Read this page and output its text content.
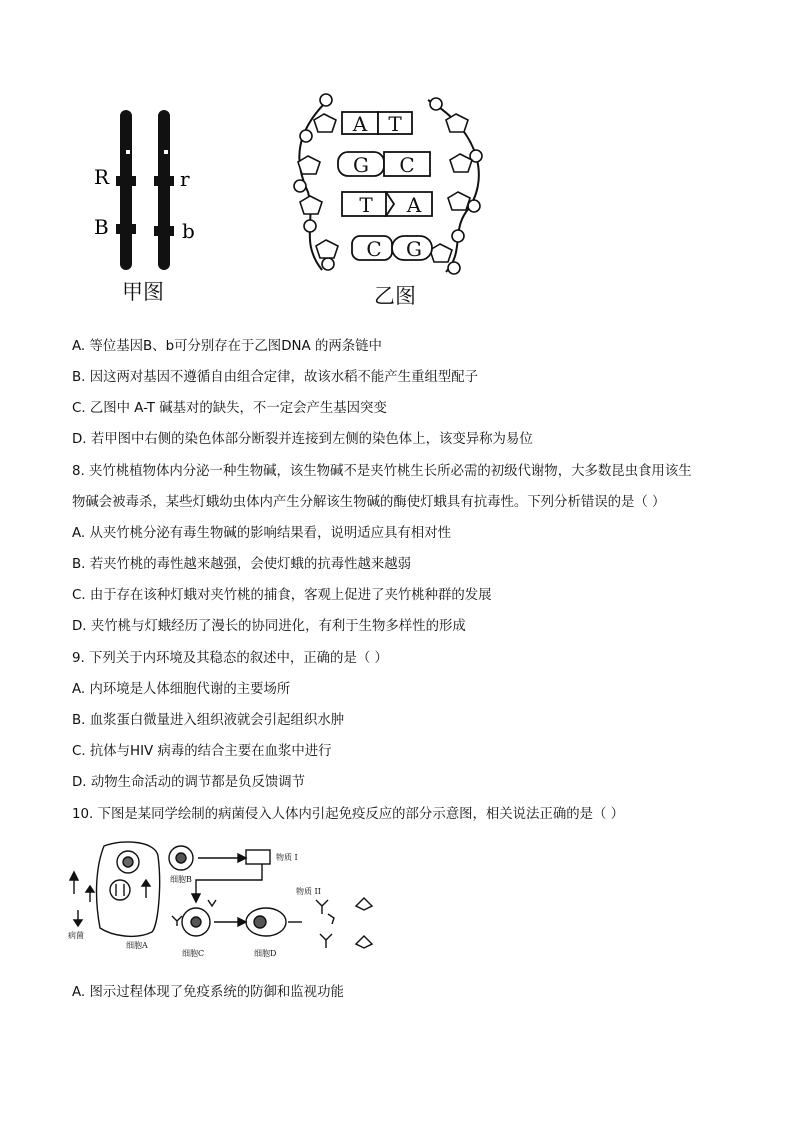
R	r
B	b
甲图
A T
G C
T A
C G
乙图
A. 等位基因B、b可分别存在于乙图DNA 的两条链中
B. 因这两对基因不遵循自由组合定律，故该水稻不能产生重组型配子
C. 乙图中 A-T 碱基对的缺失，不一定会产生基因突变
D. 若甲图中右侧的染色体部分断裂并连接到左侧的染色体上，该变异称为易位
8. 夹竹桃植物体内分泌一种生物碱，该生物碱不是夹竹桃生长所必需的初级代谢物，大多数昆虫食用该生
物碱会被毒杀，某些灯蛾幼虫体内产生分解该生物碱的酶使灯蛾具有抗毒性。下列分析错误的是（ ）
A. 从夹竹桃分泌有毒生物碱的影响结果看，说明适应具有相对性
B. 若夹竹桃的毒性越来越强，会使灯蛾的抗毒性越来越弱
C. 由于存在该种灯蛾对夹竹桃的捕食，客观上促进了夹竹桃种群的发展
D. 夹竹桃与灯蛾经历了漫长的协同进化，有利于生物多样性的形成
9. 下列关于内环境及其稳态的叙述中，正确的是（ ）
A. 内环境是人体细胞代谢的主要场所
B. 血浆蛋白微量进入组织液就会引起组织水肿
C. 抗体与HIV 病毒的结合主要在血浆中进行
D. 动物生命活动的调节都是负反馈调节
10. 下图是某同学绘制的病菌侵入人体内引起免疫反应的部分示意图，相关说法正确的是（ ）
细胞B
物质 I
物质 II
病菌
细胞A
细胞C	细胞D
A. 图示过程体现了免疫系统的防御和监视功能
